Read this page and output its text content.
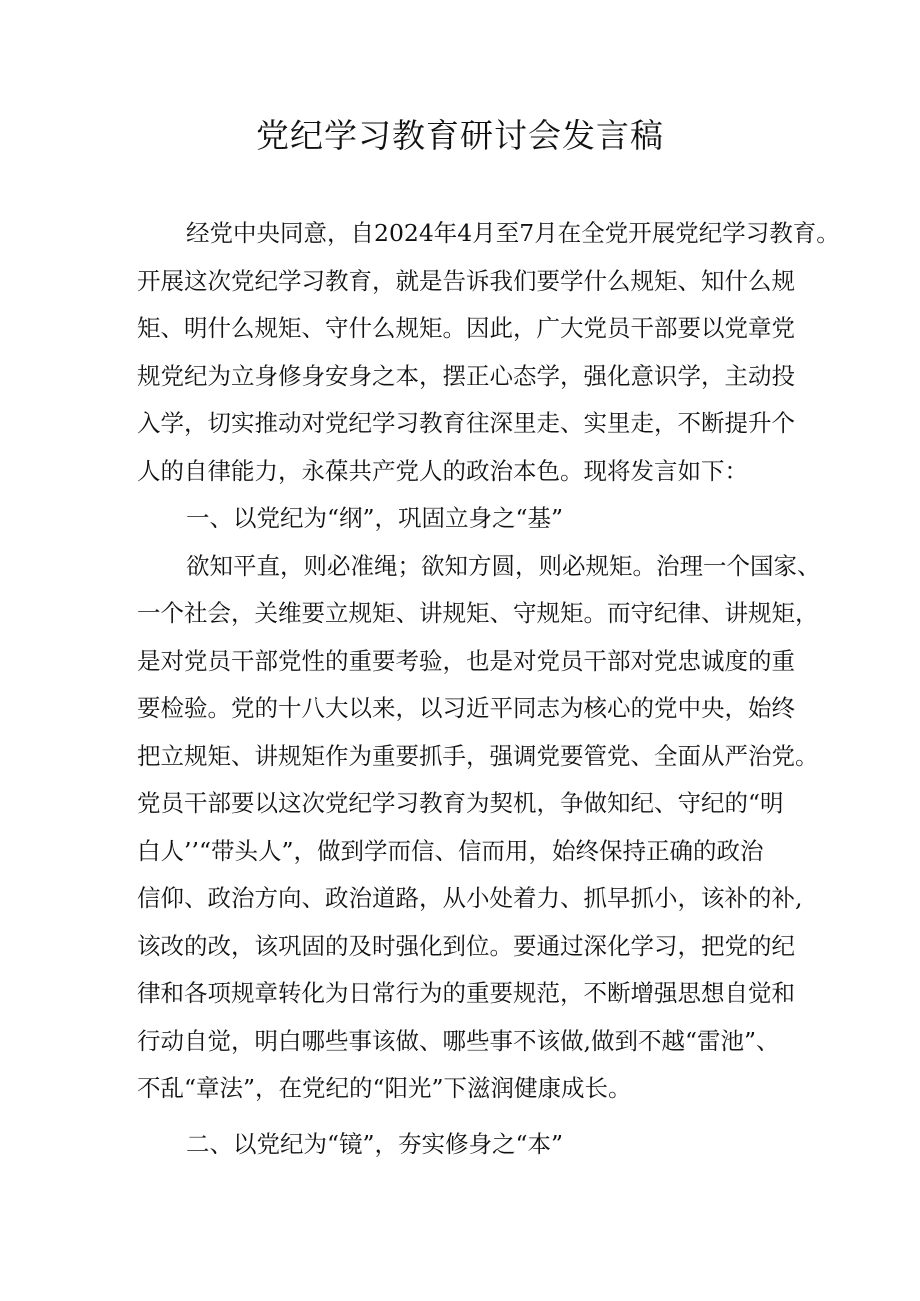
党纪学习教育研讨会发言稿
经党中央同意，自2024年4月至7月在全党开展党纪学习教育。
开展这次党纪学习教育，就是告诉我们要学什么规矩、知什么规
矩、明什么规矩、守什么规矩。因此，广大党员干部要以党章党
规党纪为立身修身安身之本，摆正心态学，强化意识学，主动投
入学，切实推动对党纪学习教育往深里走、实里走，不断提升个
人的自律能力，永葆共产党人的政治本色。现将发言如下：
一、以党纪为“纲”，巩固立身之“基”
欲知平直，则必准绳；欲知方圆，则必规矩。治理一个国家、
一个社会，关维要立规矩、讲规矩、守规矩。而守纪律、讲规矩，
是对党员干部党性的重要考验，也是对党员干部对党忠诚度的重
要检验。党的十八大以来，以习近平同志为核心的党中央，始终
把立规矩、讲规矩作为重要抓手，强调党要管党、全面从严治党。
党员干部要以这次党纪学习教育为契机，争做知纪、守纪的“明
白人’’“带头人”，做到学而信、信而用，始终保持正确的政治
信仰、政治方向、政治道路，从小处着力、抓早抓小，该补的补,
该改的改，该巩固的及时强化到位。要通过深化学习，把党的纪
律和各项规章转化为日常行为的重要规范，不断增强思想自觉和
行动自觉，明白哪些事该做、哪些事不该做,做到不越“雷池”、
不乱“章法”，在党纪的“阳光”下滋润健康成长。
二、以党纪为“镜”，夯实修身之“本”
